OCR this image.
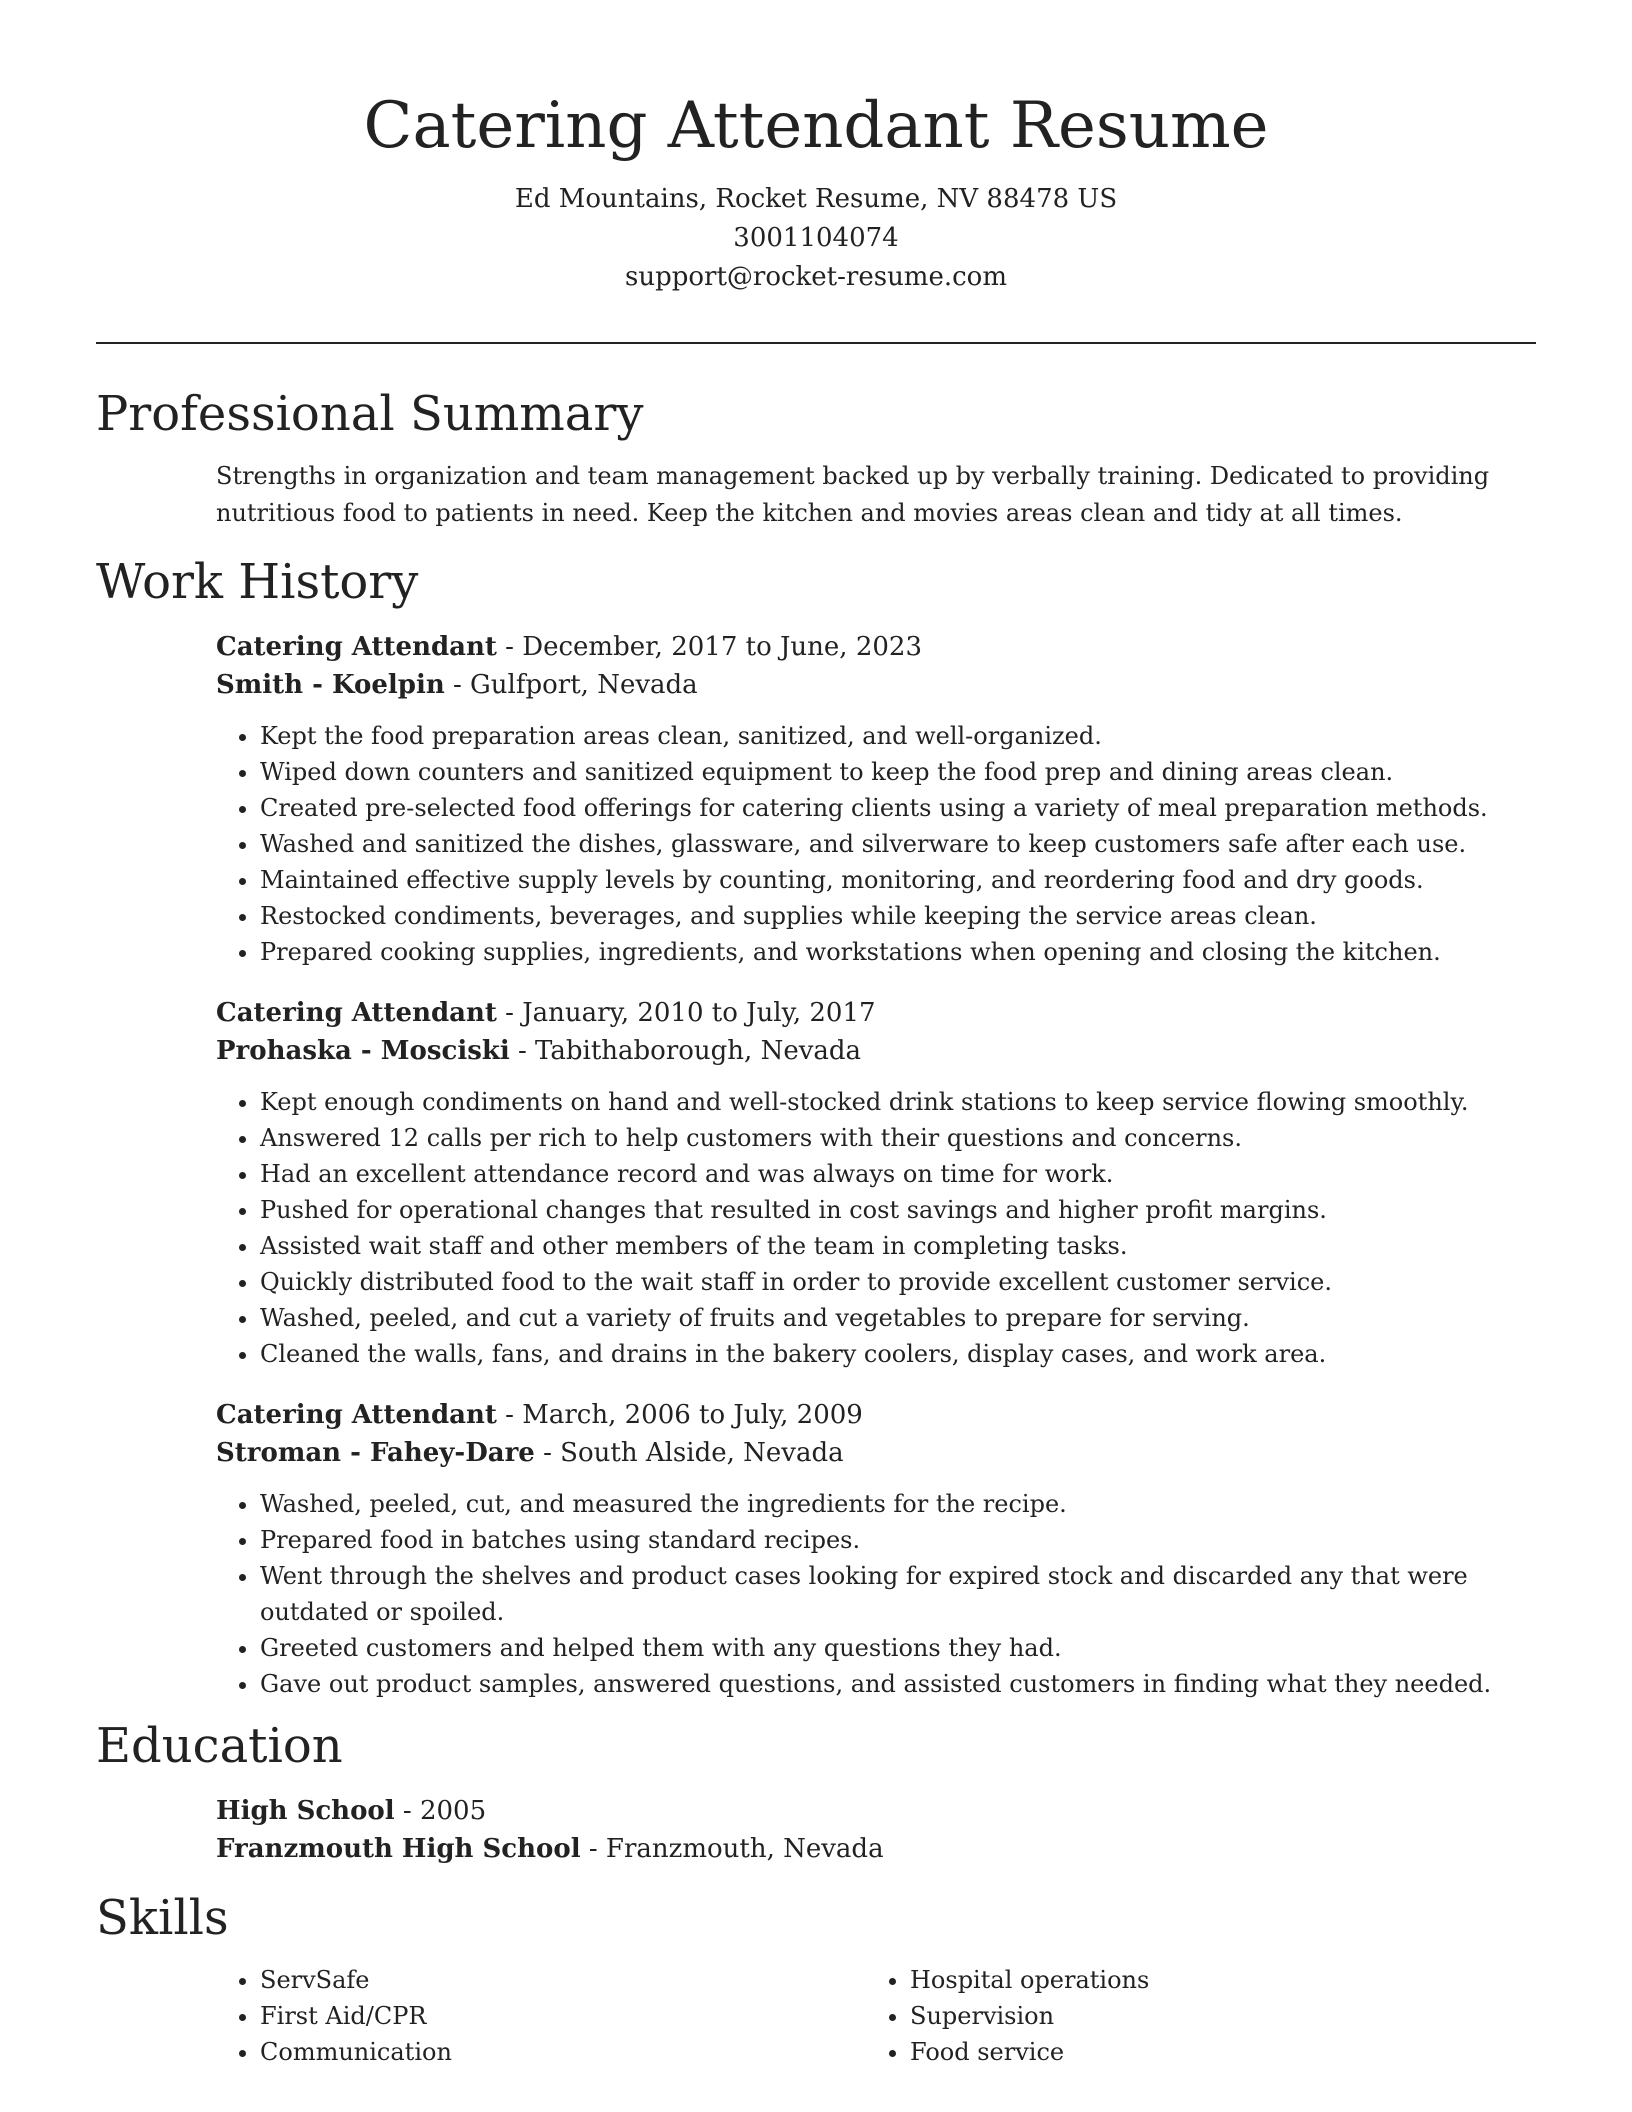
Catering Attendant Resume

Ed Mountains, Rocket Resume, NV 88478 US

3001104074

support@rocket-resume.com

Professional Summary

Strengths in organization and team management backed up by verbally training. Dedicated to providing nutritious food to patients in need. Keep the kitchen and movies areas clean and tidy at all times.

Work History

Catering Attendant - December, 2017 to June, 2023

Smith - Koelpin - Gulfport, Nevada

• Kept the food preparation areas clean, sanitized, and well-organized.
• Wiped down counters and sanitized equipment to keep the food prep and dining areas clean.
• Created pre-selected food offerings for catering clients using a variety of meal preparation methods.
• Washed and sanitized the dishes, glassware, and silverware to keep customers safe after each use.
• Maintained effective supply levels by counting, monitoring, and reordering food and dry goods.
• Restocked condiments, beverages, and supplies while keeping the service areas clean.
• Prepared cooking supplies, ingredients, and workstations when opening and closing the kitchen.

Catering Attendant - January, 2010 to July, 2017

Prohaska - Mosciski - Tabithaborough, Nevada

• Kept enough condiments on hand and well-stocked drink stations to keep service flowing smoothly.
• Answered 12 calls per rich to help customers with their questions and concerns.
• Had an excellent attendance record and was always on time for work.
• Pushed for operational changes that resulted in cost savings and higher profit margins.
• Assisted wait staff and other members of the team in completing tasks.
• Quickly distributed food to the wait staff in order to provide excellent customer service.
• Washed, peeled, and cut a variety of fruits and vegetables to prepare for serving.
• Cleaned the walls, fans, and drains in the bakery coolers, display cases, and work area.

Catering Attendant - March, 2006 to July, 2009

Stroman - Fahey-Dare - South Alside, Nevada

• Washed, peeled, cut, and measured the ingredients for the recipe.
• Prepared food in batches using standard recipes.
• Went through the shelves and product cases looking for expired stock and discarded any that were outdated or spoiled.
• Greeted customers and helped them with any questions they had.
• Gave out product samples, answered questions, and assisted customers in finding what they needed.
Education

High School - 2005

Franzmouth High School - Franzmouth, Nevada

Skills
• ServSafe
• First Aid/CPR
• Communication
• Hospital operations
• Supervision
• Food service
